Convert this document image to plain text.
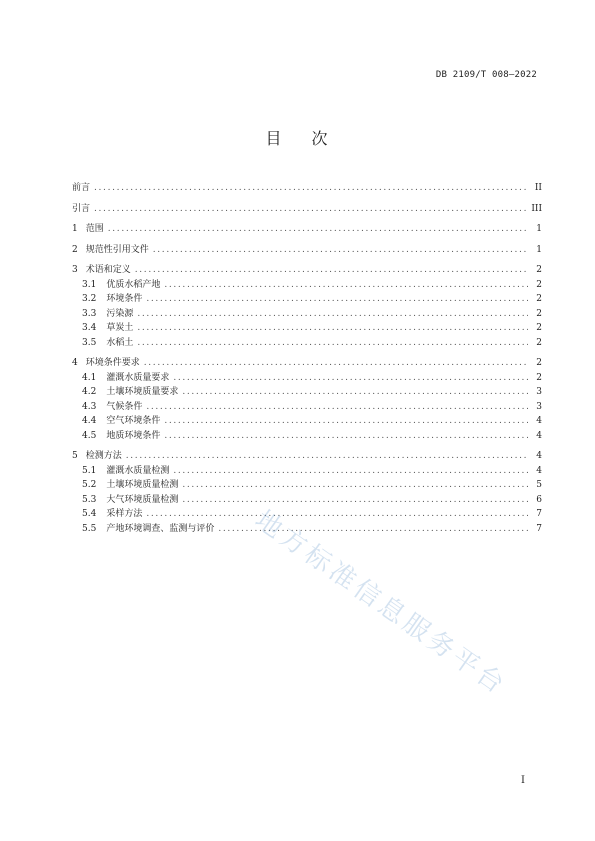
DB 2109/T 008—2022
目 次
前言 . . .	II
引言 . . .	III
1 范围 . . .	1
2 规范性引用文件 . . .	1
3 术语和定义 . . .	2
3.1 优质水稻产地 . . .	2
3.2 环境条件 . . .	2
3.3 污染源 . . .	2
3.4 草炭土 . . .	2
3.5 水稻土 . . .	2
4 环境条件要求 . . .	2
4.1 灌溉水质量要求 . . .	2
4.2 土壤环境质量要求 . . .	3
4.3 气候条件 . . .	3
4.4 空气环境条件 . . .	4
4.5 地质环境条件 . . .	4
5 检测方法 . . .	4
5.1 灌溉水质量检测 . . .	4
5.2 土壤环境质量检测 . . .	5
5.3 大气环境质量检测 . . .	6
5.4 采样方法 . . .	7
5.5 产地环境调查、监测与评价 . . .	7
地方标准信息服务平台
I
